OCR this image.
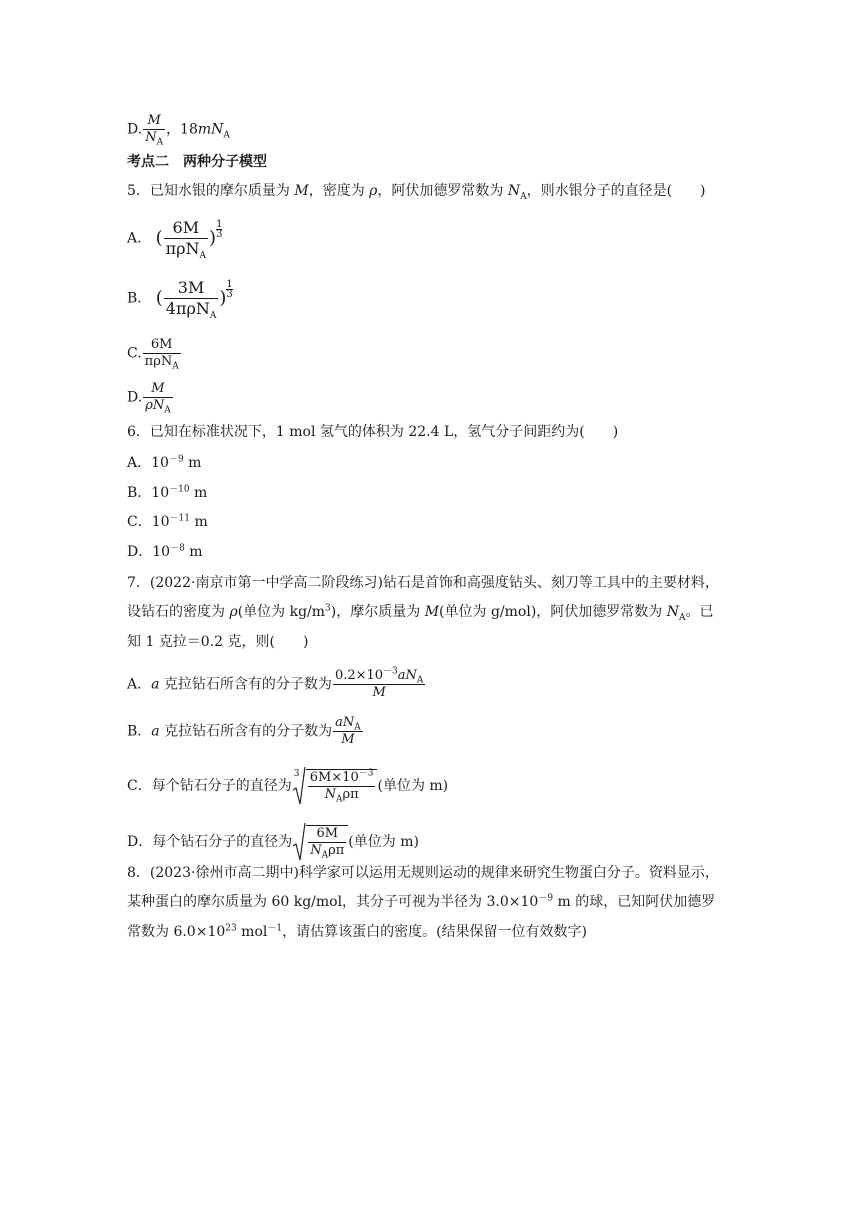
D. $\frac{M}{N_A}$ ，$18mN_A$
考点二　两种分子模型
5．已知水银的摩尔质量为 M，密度为 ρ，阿伏加德罗常数为 $N_A$，则水银分子的直径是(　　)
A． ( $\frac{6M}{\pi\rho N_A}$ ) $\frac{1}{3}$
B． ( $\frac{3M}{4\pi\rho N_A}$ ) $\frac{1}{3}$
C. $\frac{6M}{\pi\rho N_A}$
D. $\frac{M}{\rho N_A}$
6．已知在标准状况下，1 mol 氢气的体积为 22.4 L，氢气分子间距约为(　　)
A．$10^{-9}$ m
B．$10^{-10}$ m
C．$10^{-11}$ m
D．$10^{-8}$ m
7．(2022·南京市第一中学高二阶段练习)钻石是首饰和高强度钻头、刻刀等工具中的主要材料，
设钻石的密度为 ρ(单位为 $kg/m^3$)，摩尔质量为 M(单位为 g/mol)，阿伏加德罗常数为 $N_A$。已
知 1 克拉＝0.2 克，则(　　)
A．a 克拉钻石所含有的分子数为 $\frac{0.2\times 10^{-3}aN_A}{M}$
B．a 克拉钻石所含有的分子数为 $\frac{aN_A}{M}$
C．每个钻石分子的直径为
$3 \frac{6M\times 10^{-3}}{N_A\rho\pi}$ (单位为 m)
D．每个钻石分子的直径为 $\frac{6M}{N_A\rho\pi}$ (单位为 m)
8．(2023·徐州市高二期中)科学家可以运用无规则运动的规律来研究生物蛋白分子。资料显示，
某种蛋白的摩尔质量为 60 kg/mol，其分子可视为半径为 $3.0\times 10^{-9}$ m 的球，已知阿伏加德罗
常数为 $6.0\times 10^{23}$ mol$^{-1}$，请估算该蛋白的密度。(结果保留一位有效数字)
